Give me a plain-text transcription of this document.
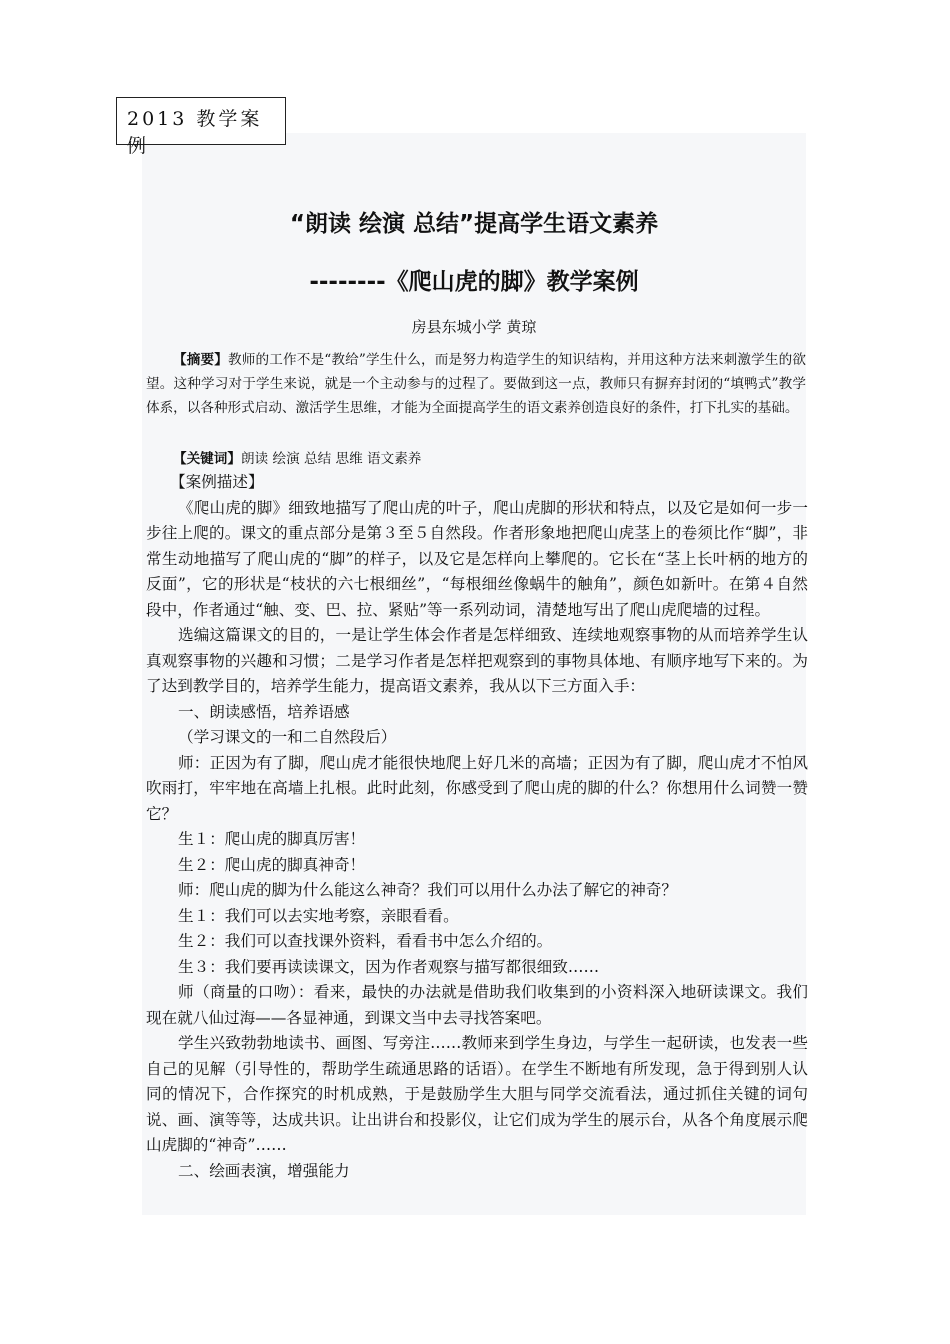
2013 教学案
例
“朗读 绘演 总结”提高学生语文素养
--------《爬山虎的脚》教学案例
房县东城小学 黄琼
【摘要】教师的工作不是“教给”学生什么，而是努力构造学生的知识结构，并用这种方法来刺激学生的欲望。这种学习对于学生来说，就是一个主动参与的过程了。要做到这一点，教师只有摒弃封闭的“填鸭式”教学体系，以各种形式启动、激活学生思维，才能为全面提高学生的语文素养创造良好的条件，打下扎实的基础。
【关键词】朗读 绘演 总结 思维 语文素养

【案例描述】

《爬山虎的脚》细致地描写了爬山虎的叶子，爬山虎脚的形状和特点，以及它是如何一步一步往上爬的。课文的重点部分是第３至５自然段。作者形象地把爬山虎茎上的卷须比作“脚”，非常生动地描写了爬山虎的“脚”的样子，以及它是怎样向上攀爬的。它长在“茎上长叶柄的地方的反面”，它的形状是“枝状的六七根细丝”，“每根细丝像蜗牛的触角”，颜色如新叶。在第４自然段中，作者通过“触、变、巴、拉、紧贴”等一系列动词，清楚地写出了爬山虎爬墙的过程。

选编这篇课文的目的，一是让学生体会作者是怎样细致、连续地观察事物的从而培养学生认真观察事物的兴趣和习惯；二是学习作者是怎样把观察到的事物具体地、有顺序地写下来的。为了达到教学目的，培养学生能力，提高语文素养，我从以下三方面入手：

一、朗读感悟，培养语感

（学习课文的一和二自然段后）

师：正因为有了脚，爬山虎才能很快地爬上好几米的高墙；正因为有了脚，爬山虎才不怕风吹雨打，牢牢地在高墙上扎根。此时此刻，你感受到了爬山虎的脚的什么？你想用什么词赞一赞它？

生１：爬山虎的脚真厉害！

生２：爬山虎的脚真神奇！

师：爬山虎的脚为什么能这么神奇？我们可以用什么办法了解它的神奇？

生１：我们可以去实地考察，亲眼看看。

生２：我们可以查找课外资料，看看书中怎么介绍的。

生３：我们要再读读课文，因为作者观察与描写都很细致……

师（商量的口吻）：看来，最快的办法就是借助我们收集到的小资料深入地研读课文。我们现在就八仙过海——各显神通，到课文当中去寻找答案吧。

学生兴致勃勃地读书、画图、写旁注……教师来到学生身边，与学生一起研读，也发表一些自己的见解（引导性的，帮助学生疏通思路的话语）。在学生不断地有所发现，急于得到别人认同的情况下，合作探究的时机成熟，于是鼓励学生大胆与同学交流看法，通过抓住关键的词句说、画、演等等，达成共识。让出讲台和投影仪，让它们成为学生的展示台，从各个角度展示爬山虎脚的“神奇”……

二、绘画表演，增强能力
